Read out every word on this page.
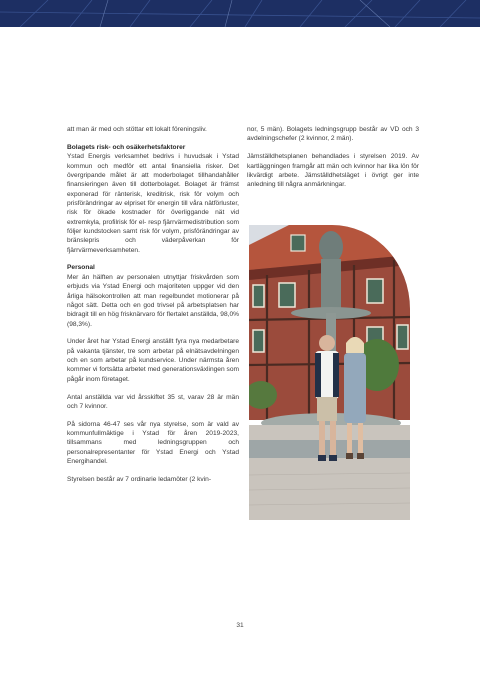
att man är med och stöttar ett lokalt föreningsliv.

Bolagets risk- och osäkerhetsfaktorer

Ystad Energis verksamhet bedrivs i huvudsak i Ystad kommun och medför ett antal finansiella risker. Det övergripande målet är att moderbolaget tillhandahåller finansieringen även till dotterbolaget. Bolaget är främst exponerad för ränterisk, kreditrisk, risk för volym och prisförändringar av elpriset för energin till våra nätförluster, risk för ökade kostnader för överliggande nät vid extremkyla, profilrisk för el- resp fjärrvärmedistribution som följer kundstocken samt risk för volym, prisförändringar av bränslepris och väderpåverkan för fjärrvärmeverksamheten.

Personal

Mer än hälften av personalen utnyttjar friskvården som erbjuds via Ystad Energi och majoriteten uppger vid den årliga hälsokontrollen att man regelbundet motionerar på något sätt. Detta och en god trivsel på arbetsplatsen har bidragit till en hög frisknärvaro för flertalet anställda, 98,0% (98,3%).

Under året har Ystad Energi anställt fyra nya medarbetare på vakanta tjänster, tre som arbetar på elnätsavdelningen och en som arbetar på kundservice. Under närmsta åren kommer vi fortsätta arbetet med generationsväxlingen som pågår inom företaget.

Antal anställda var vid årsskiftet 35 st, varav 28 är män och 7 kvinnor.

På sidorna 46-47 ses vår nya styrelse, som är vald av kommunfullmäktige i Ystad för åren 2019-2023, tillsammans med ledningsgruppen och personalrepresentanter för Ystad Energi och Ystad Energihandel.

Styrelsen består av 7 ordinarie ledamöter (2 kvin-

nor, 5 män). Bolagets ledningsgrupp består av VD och 3 avdelningschefer (2 kvinnor, 2 män).

Jämställdhetsplanen behandlades i styrelsen 2019. Av kartläggningen framgår att män och kvinnor har lika lön för likvärdigt arbete. Jämställdhetsläget i övrigt ger inte anledning till några anmärkningar.

31
